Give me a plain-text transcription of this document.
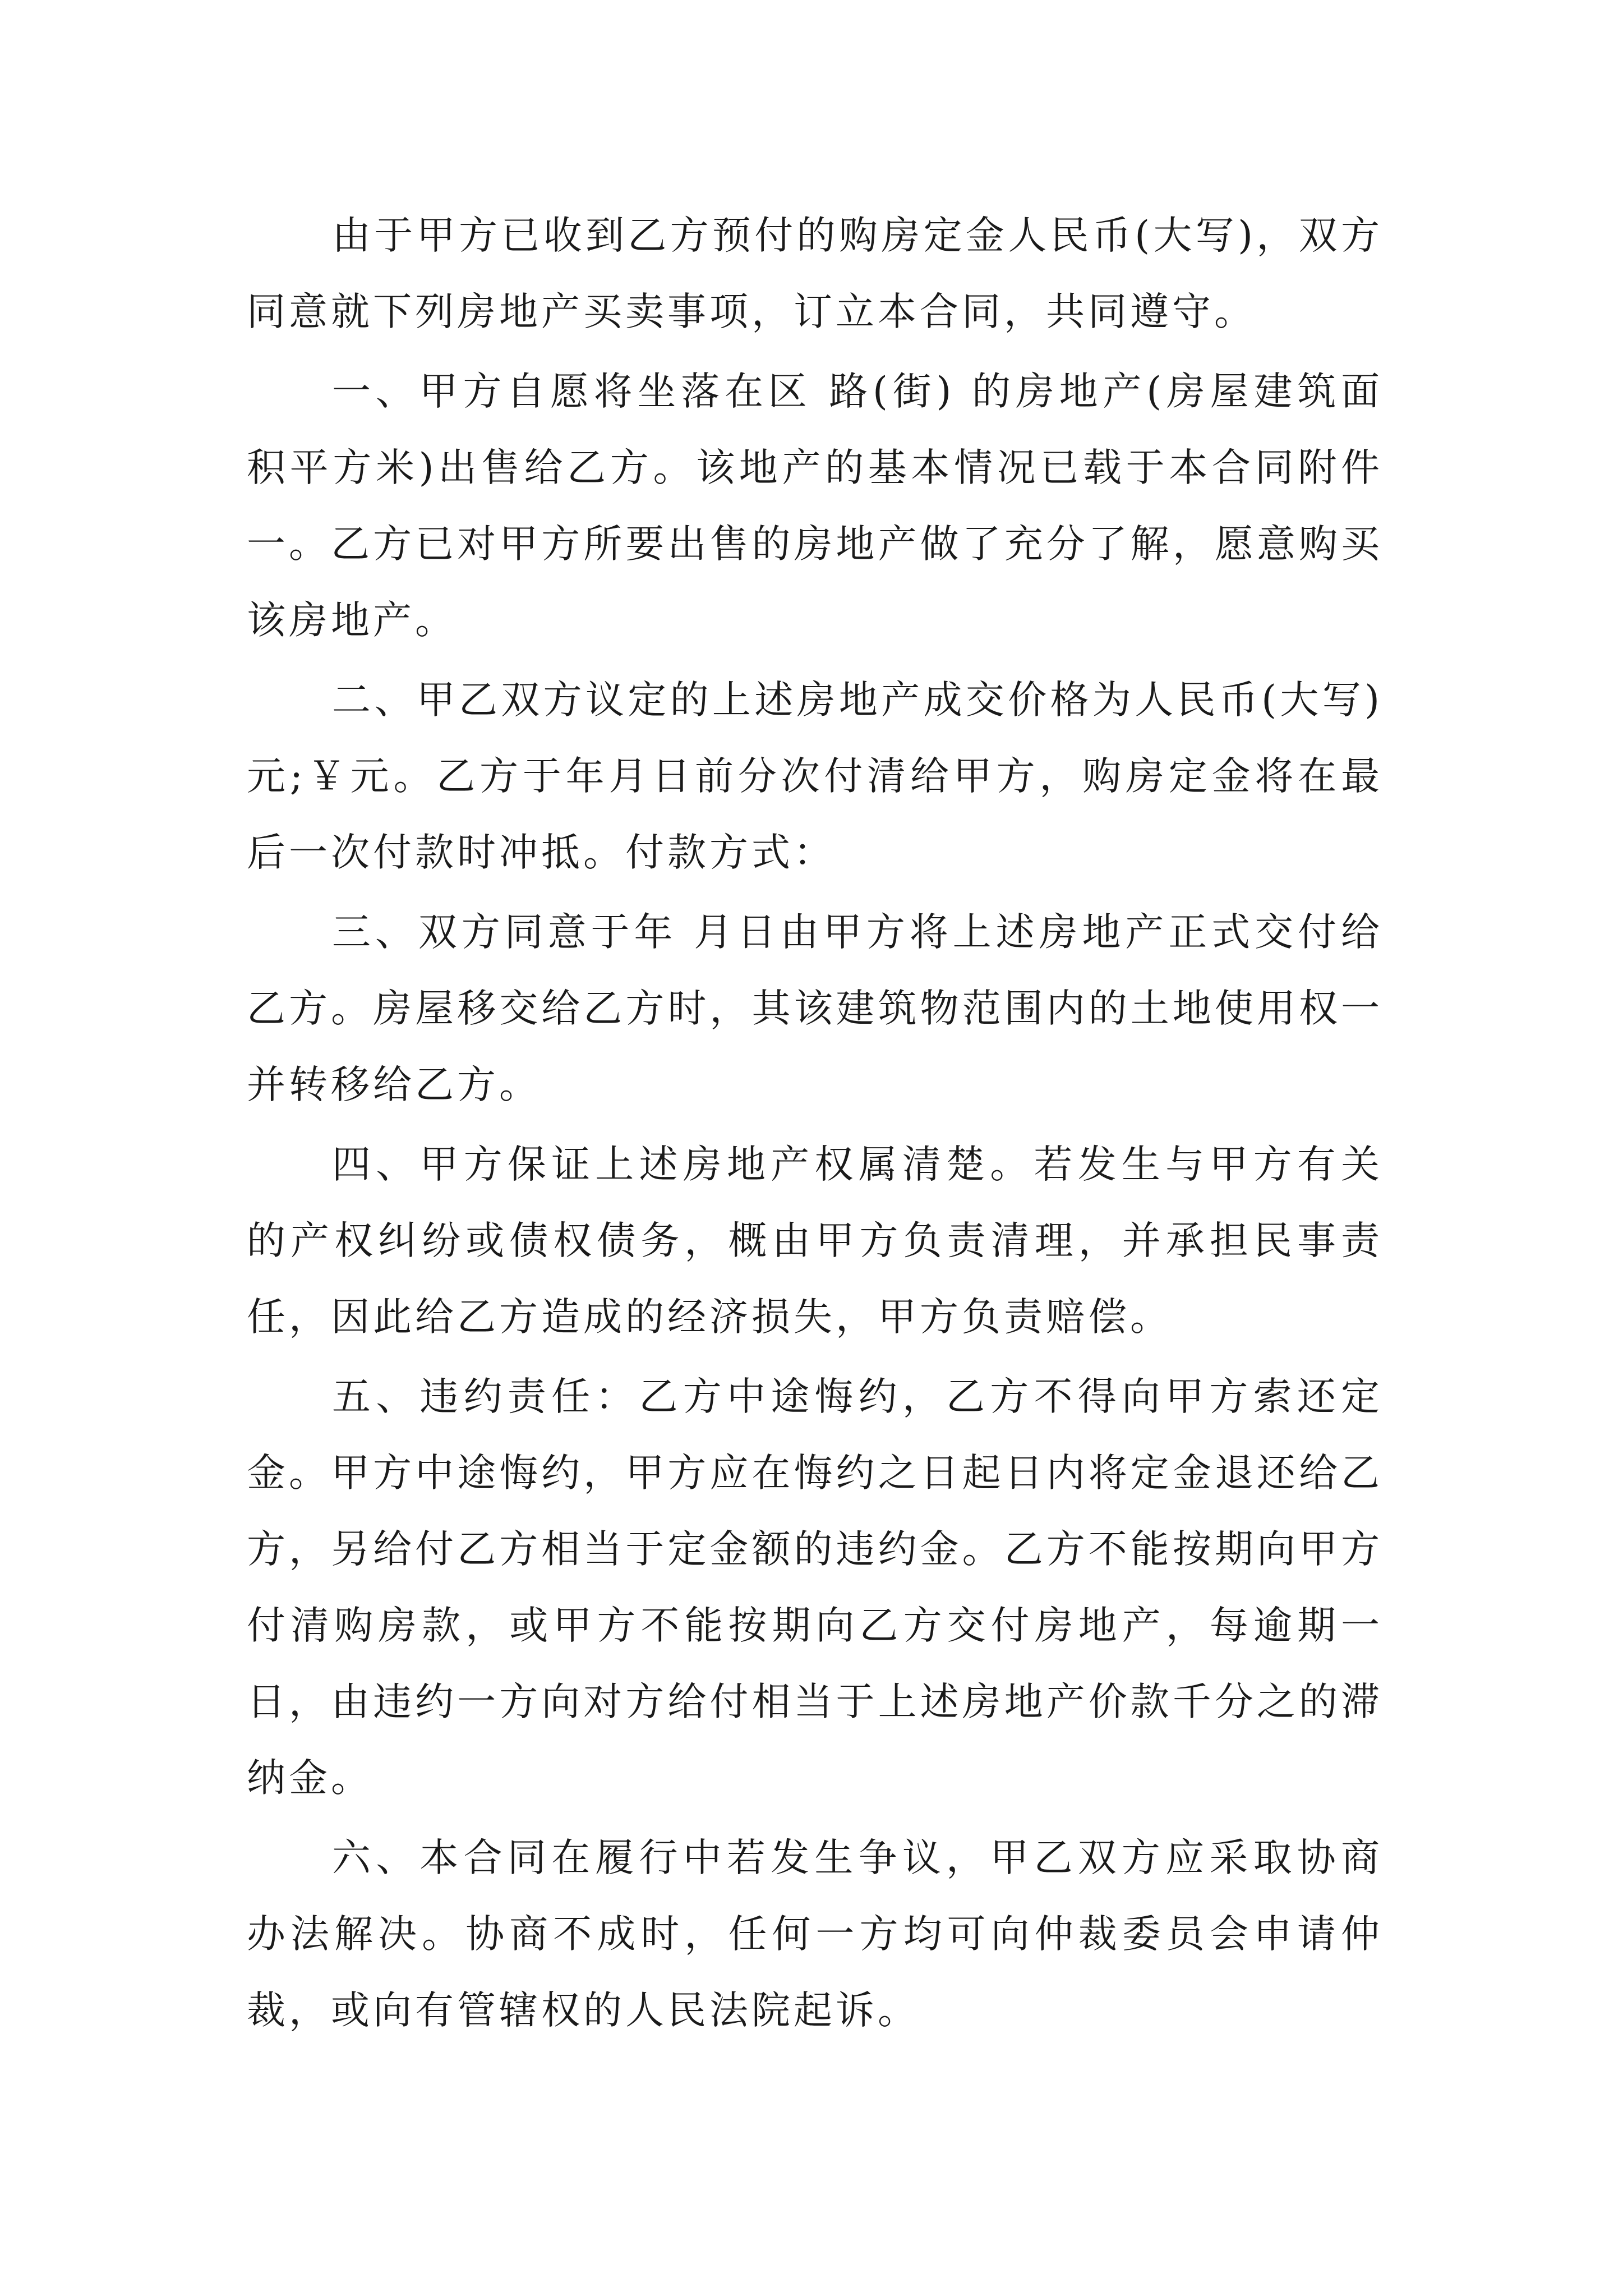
由于甲方已收到乙方预付的购房定金人民币(大写)，双方同意就下列房地产买卖事项，订立本合同，共同遵守。

一、甲方自愿将坐落在区 路(街) 的房地产(房屋建筑面积平方米)出售给乙方。该地产的基本情况已载于本合同附件一。乙方已对甲方所要出售的房地产做了充分了解，愿意购买该房地产。

二、甲乙双方议定的上述房地产成交价格为人民币(大写)元;￥元。乙方于年月日前分次付清给甲方，购房定金将在最后一次付款时冲抵。付款方式：

三、双方同意于年 月日由甲方将上述房地产正式交付给乙方。房屋移交给乙方时，其该建筑物范围内的土地使用权一并转移给乙方。

四、甲方保证上述房地产权属清楚。若发生与甲方有关的产权纠纷或债权债务，概由甲方负责清理，并承担民事责任，因此给乙方造成的经济损失，甲方负责赔偿。

五、违约责任：乙方中途悔约，乙方不得向甲方索还定金。甲方中途悔约，甲方应在悔约之日起日内将定金退还给乙方，另给付乙方相当于定金额的违约金。乙方不能按期向甲方付清购房款，或甲方不能按期向乙方交付房地产，每逾期一日，由违约一方向对方给付相当于上述房地产价款千分之的滞纳金。

六、本合同在履行中若发生争议，甲乙双方应采取协商办法解决。协商不成时，任何一方均可向仲裁委员会申请仲裁，或向有管辖权的人民法院起诉。
